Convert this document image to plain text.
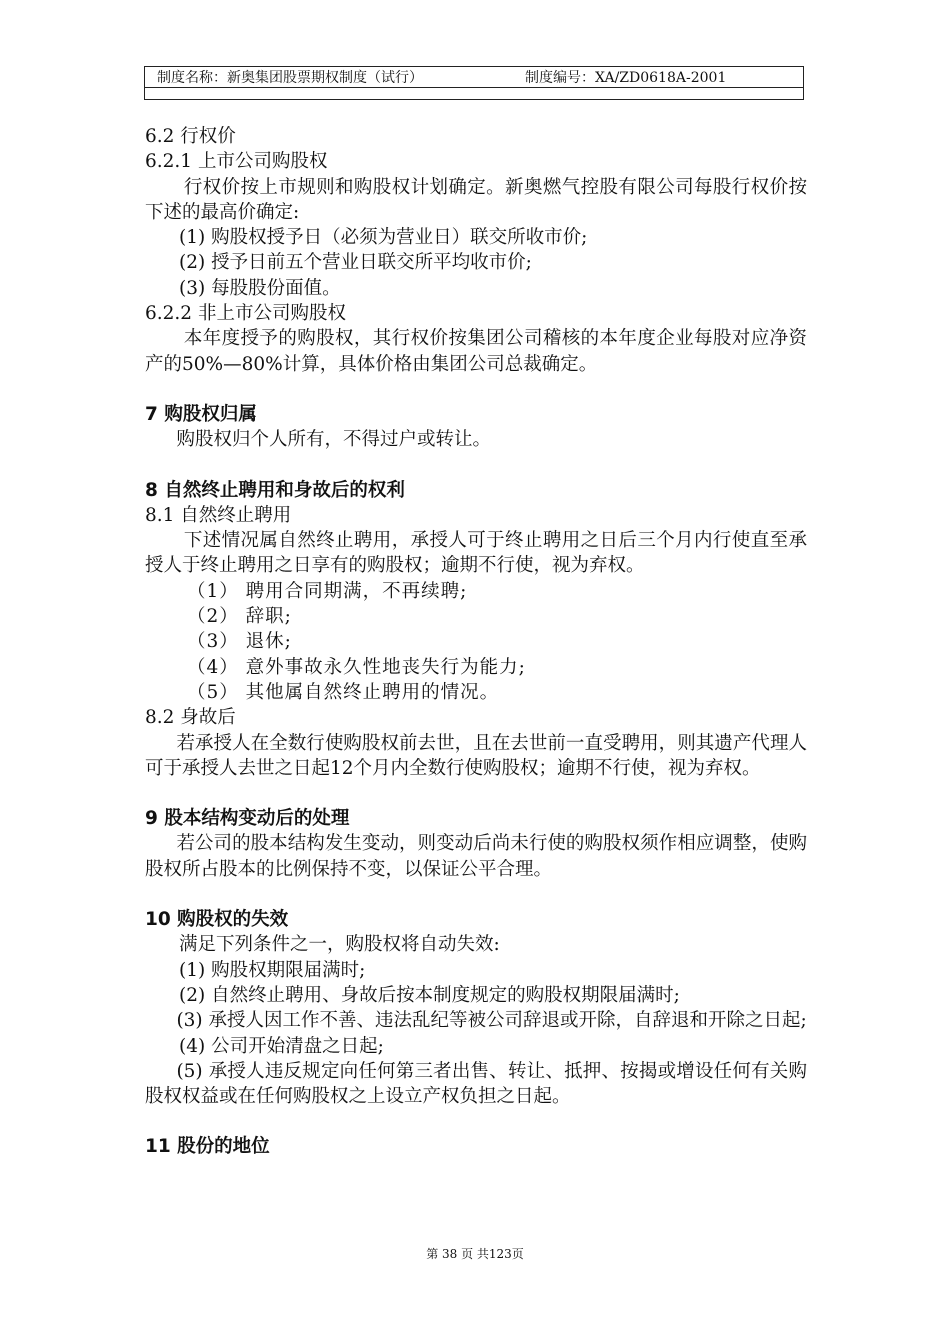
制度名称：新奥集团股票期权制度（试行）	制度编号：XA/ZD0618A-2001
6.2 行权价
6.2.1 上市公司购股权

行权价按上市规则和购股权计划确定。新奥燃气控股有限公司每股行权价按下述的最高价确定:

(1) 购股权授予日（必须为营业日）联交所收市价;
(2) 授予日前五个营业日联交所平均收市价;
(3) 每股股份面值。
6.2.2 非上市公司购股权

本年度授予的购股权，其行权价按集团公司稽核的本年度企业每股对应净资产的50%—80%计算，具体价格由集团公司总裁确定。

7 购股权归属

购股权归个人所有，不得过户或转让。

8 自然终止聘用和身故后的权利
8.1 自然终止聘用

下述情况属自然终止聘用，承授人可于终止聘用之日后三个月内行使直至承授人于终止聘用之日享有的购股权；逾期不行使，视为弃权。

（1） 聘用合同期满，不再续聘;
（2） 辞职;
（3） 退休;
（4） 意外事故永久性地丧失行为能力;
（5） 其他属自然终止聘用的情况。
8.2 身故后

若承授人在全数行使购股权前去世，且在去世前一直受聘用，则其遗产代理人可于承授人去世之日起12个月内全数行使购股权；逾期不行使，视为弃权。

9 股本结构变动后的处理

若公司的股本结构发生变动，则变动后尚未行使的购股权须作相应调整，使购股权所占股本的比例保持不变，以保证公平合理。

10 购股权的失效
满足下列条件之一，购股权将自动失效:
(1) 购股权期限届满时;
(2) 自然终止聘用、身故后按本制度规定的购股权期限届满时;

(3) 承授人因工作不善、违法乱纪等被公司辞退或开除，自辞退和开除之日起;

(4) 公司开始清盘之日起;

(5) 承授人违反规定向任何第三者出售、转让、抵押、按揭或增设任何有关购股权权益或在任何购股权之上设立产权负担之日起。

11 股份的地位
第 38 页 共123页
